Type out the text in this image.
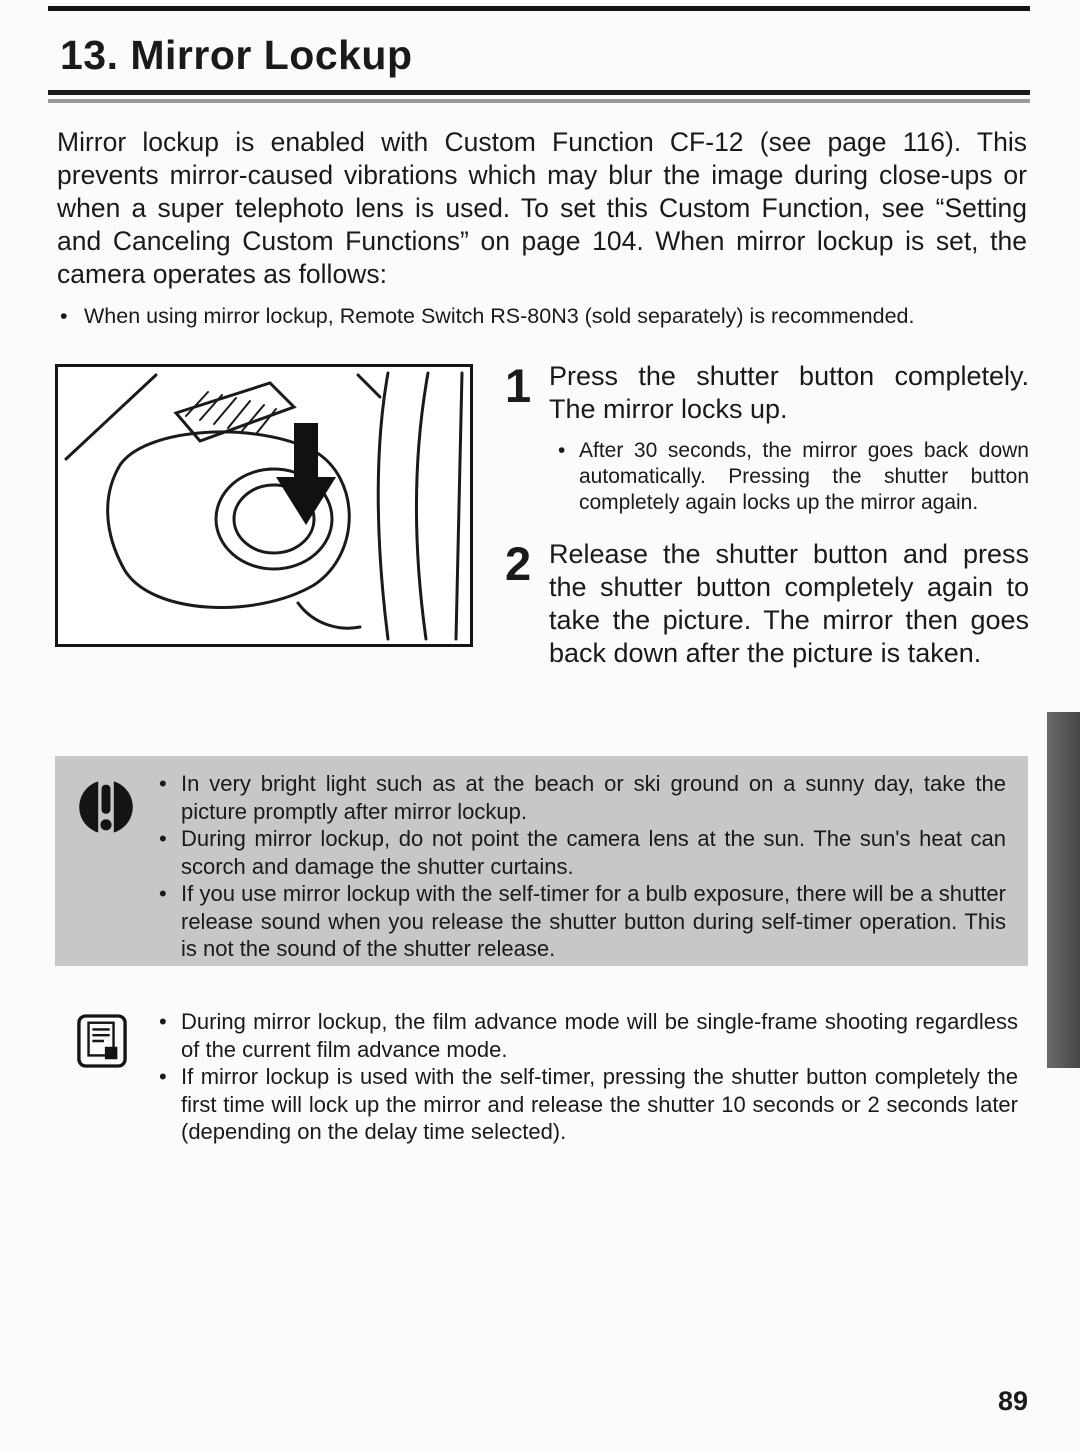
13. Mirror Lockup

Mirror lockup is enabled with Custom Function CF-12 (see page 116). This prevents mirror-caused vibrations which may blur the image during close-ups or when a super telephoto lens is used. To set this Custom Function, see “Setting and Canceling Custom Functions” on page 104. When mirror lockup is set, the camera operates as follows:

• When using mirror lockup, Remote Switch RS-80N3 (sold separately) is recommended.

1 Press the shutter button completely. The mirror locks up.
• After 30 seconds, the mirror goes back down automatically. Pressing the shutter button completely again locks up the mirror again.
2 Release the shutter button and press the shutter button completely again to take the picture. The mirror then goes back down after the picture is taken.
• In very bright light such as at the beach or ski ground on a sunny day, take the picture promptly after mirror lockup.
• During mirror lockup, do not point the camera lens at the sun. The sun's heat can scorch and damage the shutter curtains.
• If you use mirror lockup with the self-timer for a bulb exposure, there will be a shutter release sound when you release the shutter button during self-timer operation. This is not the sound of the shutter release.
• During mirror lockup, the film advance mode will be single-frame shooting regardless of the current film advance mode.
• If mirror lockup is used with the self-timer, pressing the shutter button completely the first time will lock up the mirror and release the shutter 10 seconds or 2 seconds later (depending on the delay time selected).
89
